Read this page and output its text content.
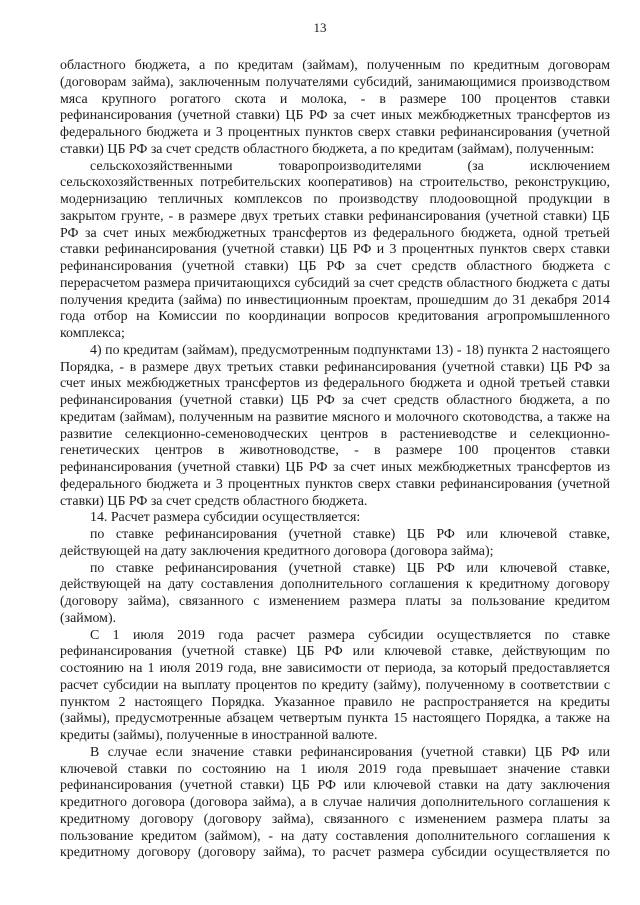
13

областного бюджета, а по кредитам (займам), полученным по кредитным договорам (договорам займа), заключенным получателями субсидий, занимающимися производством мяса крупного рогатого скота и молока, - в размере 100 процентов ставки рефинансирования (учетной ставки) ЦБ РФ за счет иных межбюджетных трансфертов из федерального бюджета и 3 процентных пунктов сверх ставки рефинансирования (учетной ставки) ЦБ РФ за счет средств областного бюджета, а по кредитам (займам), полученным:

сельскохозяйственными товаропроизводителями (за исключением сельскохозяйственных потребительских кооперативов) на строительство, реконструкцию, модернизацию тепличных комплексов по производству плодоовощной продукции в закрытом грунте, - в размере двух третьих ставки рефинансирования (учетной ставки) ЦБ РФ за счет иных межбюджетных трансфертов из федерального бюджета, одной третьей ставки рефинансирования (учетной ставки) ЦБ РФ и 3 процентных пунктов сверх ставки рефинансирования (учетной ставки) ЦБ РФ за счет средств областного бюджета с перерасчетом размера причитающихся субсидий за счет средств областного бюджета с даты получения кредита (займа) по инвестиционным проектам, прошедшим до 31 декабря 2014 года отбор на Комиссии по координации вопросов кредитования агропромышленного комплекса;

4) по кредитам (займам), предусмотренным подпунктами 13) - 18) пункта 2 настоящего Порядка, - в размере двух третьих ставки рефинансирования (учетной ставки) ЦБ РФ за счет иных межбюджетных трансфертов из федерального бюджета и одной третьей ставки рефинансирования (учетной ставки) ЦБ РФ за счет средств областного бюджета, а по кредитам (займам), полученным на развитие мясного и молочного скотоводства, а также на развитие селекционно-семеноводческих центров в растениеводстве и селекционно-генетических центров в животноводстве, - в размере 100 процентов ставки рефинансирования (учетной ставки) ЦБ РФ за счет иных межбюджетных трансфертов из федерального бюджета и 3 процентных пунктов сверх ставки рефинансирования (учетной ставки) ЦБ РФ за счет средств областного бюджета.

14. Расчет размера субсидии осуществляется:

по ставке рефинансирования (учетной ставке) ЦБ РФ или ключевой ставке, действующей на дату заключения кредитного договора (договора займа);

по ставке рефинансирования (учетной ставке) ЦБ РФ или ключевой ставке, действующей на дату составления дополнительного соглашения к кредитному договору (договору займа), связанного с изменением размера платы за пользование кредитом (займом).

С 1 июля 2019 года расчет размера субсидии осуществляется по ставке рефинансирования (учетной ставке) ЦБ РФ или ключевой ставке, действующим по состоянию на 1 июля 2019 года, вне зависимости от периода, за который предоставляется расчет субсидии на выплату процентов по кредиту (займу), полученному в соответствии с пунктом 2 настоящего Порядка. Указанное правило не распространяется на кредиты (займы), предусмотренные абзацем четвертым пункта 15 настоящего Порядка, а также на кредиты (займы), полученные в иностранной валюте.

В случае если значение ставки рефинансирования (учетной ставки) ЦБ РФ или ключевой ставки по состоянию на 1 июля 2019 года превышает значение ставки рефинансирования (учетной ставки) ЦБ РФ или ключевой ставки на дату заключения кредитного договора (договора займа), а в случае наличия дополнительного соглашения к кредитному договору (договору займа), связанного с изменением размера платы за пользование кредитом (займом), - на дату составления дополнительного соглашения к кредитному договору (договору займа), то расчет размера субсидии осуществляется по
